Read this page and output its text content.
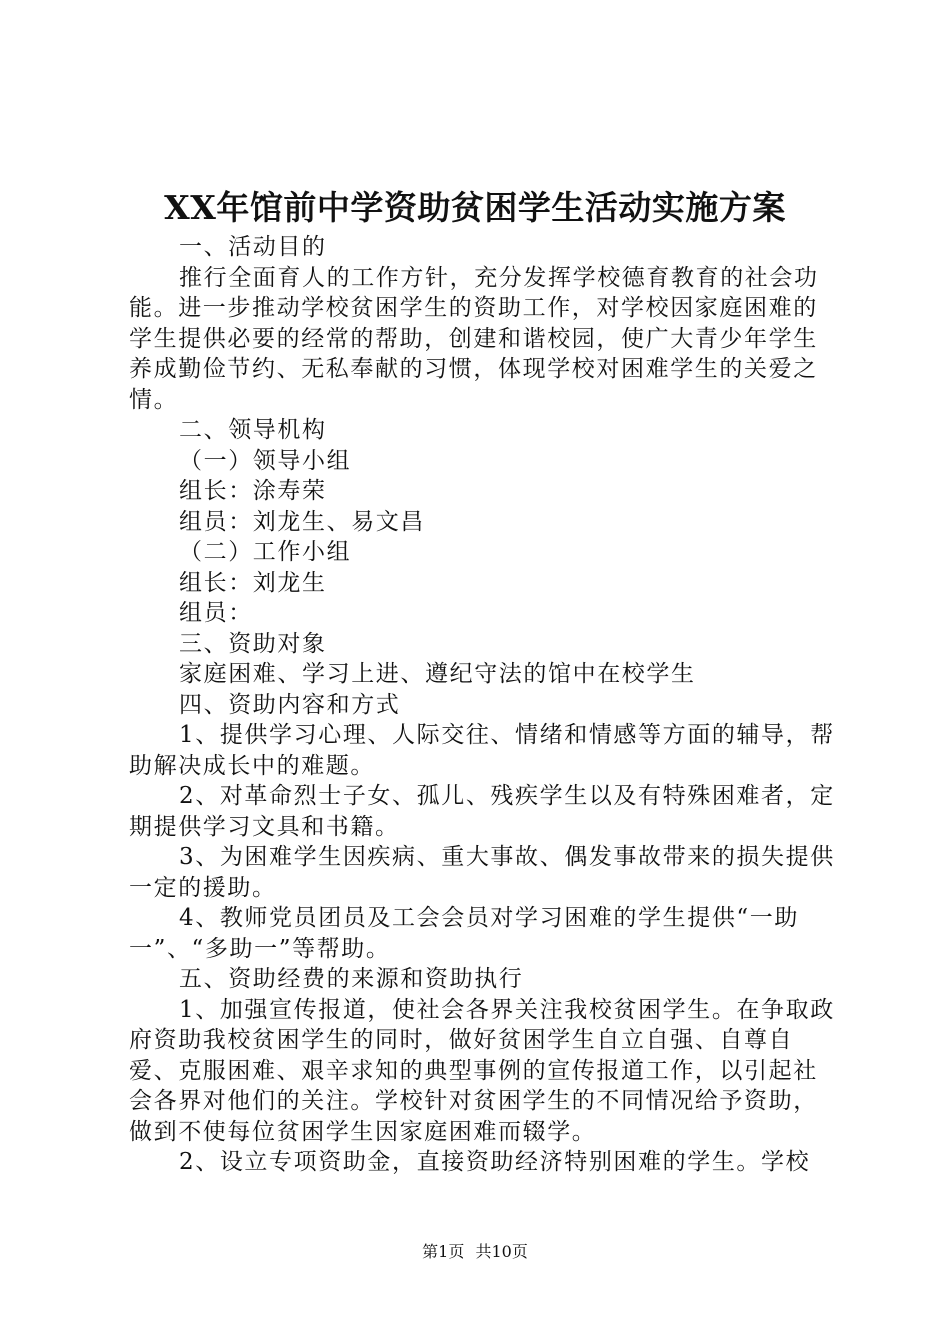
XX年馆前中学资助贫困学生活动实施方案

一、活动目的

推行全面育人的工作方针，充分发挥学校德育教育的社会功能。进一步推动学校贫困学生的资助工作，对学校因家庭困难的学生提供必要的经常的帮助，创建和谐校园，使广大青少年学生养成勤俭节约、无私奉献的习惯，体现学校对困难学生的关爱之情。

二、领导机构

（一）领导小组

组长：涂寿荣

组员：刘龙生、易文昌

（二）工作小组

组长：刘龙生

组员：

三、资助对象

家庭困难、学习上进、遵纪守法的馆中在校学生

四、资助内容和方式

1、提供学习心理、人际交往、情绪和情感等方面的辅导，帮助解决成长中的难题。

2、对革命烈士子女、孤儿、残疾学生以及有特殊困难者，定期提供学习文具和书籍。

3、为困难学生因疾病、重大事故、偶发事故带来的损失提供一定的援助。

4、教师党员团员及工会会员对学习困难的学生提供“一助一”、“多助一”等帮助。

五、资助经费的来源和资助执行

1、加强宣传报道，使社会各界关注我校贫困学生。在争取政府资助我校贫困学生的同时，做好贫困学生自立自强、自尊自爱、克服困难、艰辛求知的典型事例的宣传报道工作，以引起社会各界对他们的关注。学校针对贫困学生的不同情况给予资助，做到不使每位贫困学生因家庭困难而辍学。

2、设立专项资助金，直接资助经济特别困难的学生。学校

第1页 共10页
